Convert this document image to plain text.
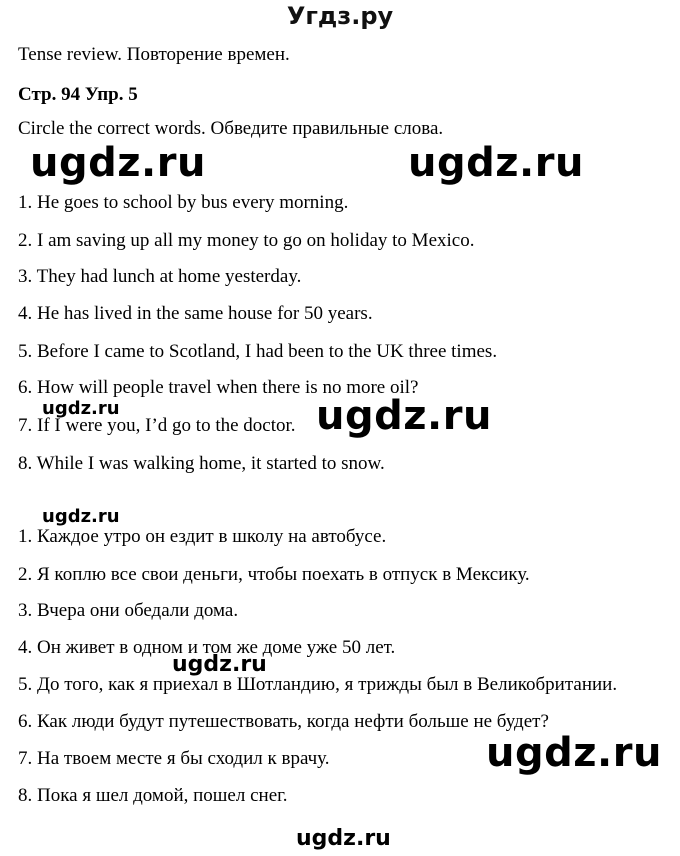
Угдз.ру
Tense review. Повторение времен.
Стр. 94 Упр. 5
Circle the correct words. Обведите правильные слова.
ugdz.ru	ugdz.ru
1. He goes to school by bus every morning.
2. I am saving up all my money to go on holiday to Mexico.
3. They had lunch at home yesterday.
4. He has lived in the same house for 50 years.
5. Before I came to Scotland, I had been to the UK three times.
6. How will people travel when there is no more oil?
ugdz.ru	ugdz.ru
7. If I were you, I’d go to the doctor.
8. While I was walking home, it started to snow.
ugdz.ru
1. Каждое утро он ездит в школу на автобусе.
2. Я коплю все свои деньги, чтобы поехать в отпуск в Мексику.
3. Вчера они обедали дома.
4. Он живет в одном и том же доме уже 50 лет.
ugdz.ru
5. До того, как я приехал в Шотландию, я трижды был в Великобритании.
6. Как люди будут путешествовать, когда нефти больше не будет?
ugdz.ru
7. На твоем месте я бы сходил к врачу.
8. Пока я шел домой, пошел снег.
ugdz.ru
